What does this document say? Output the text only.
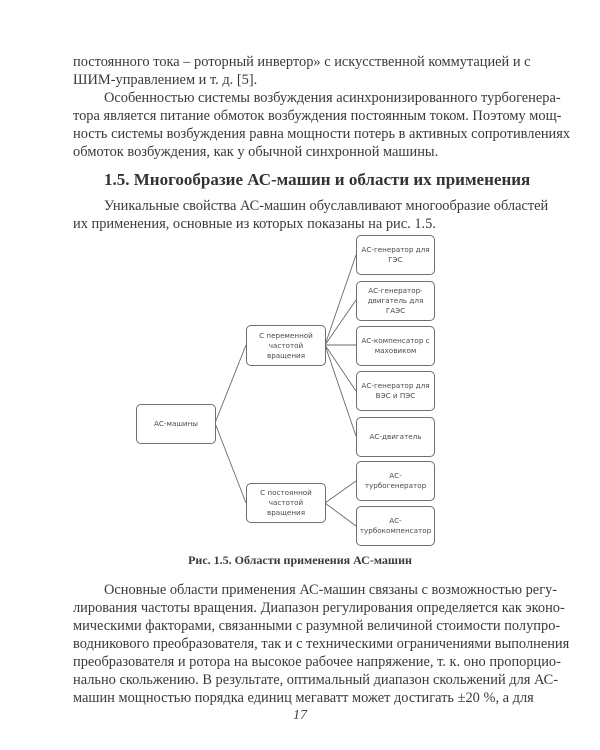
постоянного тока – роторный инвертор» с искусственной коммутацией и с
ШИМ-управлением и т. д. [5].
Особенностью системы возбуждения асинхронизированного турбогенера-
тора является питание обмоток возбуждения постоянным током. Поэтому мощ-
ность системы возбуждения равна мощности потерь в активных сопротивлениях
обмоток возбуждения, как у обычной синхронной машины.
1.5. Многообразие АС-машин и области их применения
Уникальные свойства АС-машин обуславливают многообразие областей
их применения, основные из которых показаны на рис. 1.5.
АС-машины
С переменной частотой вращения
С постоянной частотой вращения
АС-генератор для ГЭС
АС-генератор-двигатель для ГАЭС
АС-компенсатор с маховиком
АС-генератор для ВЭС и ПЭС
АС-двигатель
АС-турбогенератор
АС-турбокомпенсатор
Рис. 1.5. Области применения АС-машин
Основные области применения АС-машин связаны с возможностью регу-
лирования частоты вращения. Диапазон регулирования определяется как эконо-
мическими факторами, связанными с разумной величиной стоимости полупро-
водникового преобразователя, так и с техническими ограничениями выполнения
преобразователя и ротора на высокое рабочее напряжение, т. к. оно пропорцио-
нально скольжению. В результате, оптимальный диапазон скольжений для АС-
машин мощностью порядка единиц мегаватт может достигать ±20 %, а для
17
